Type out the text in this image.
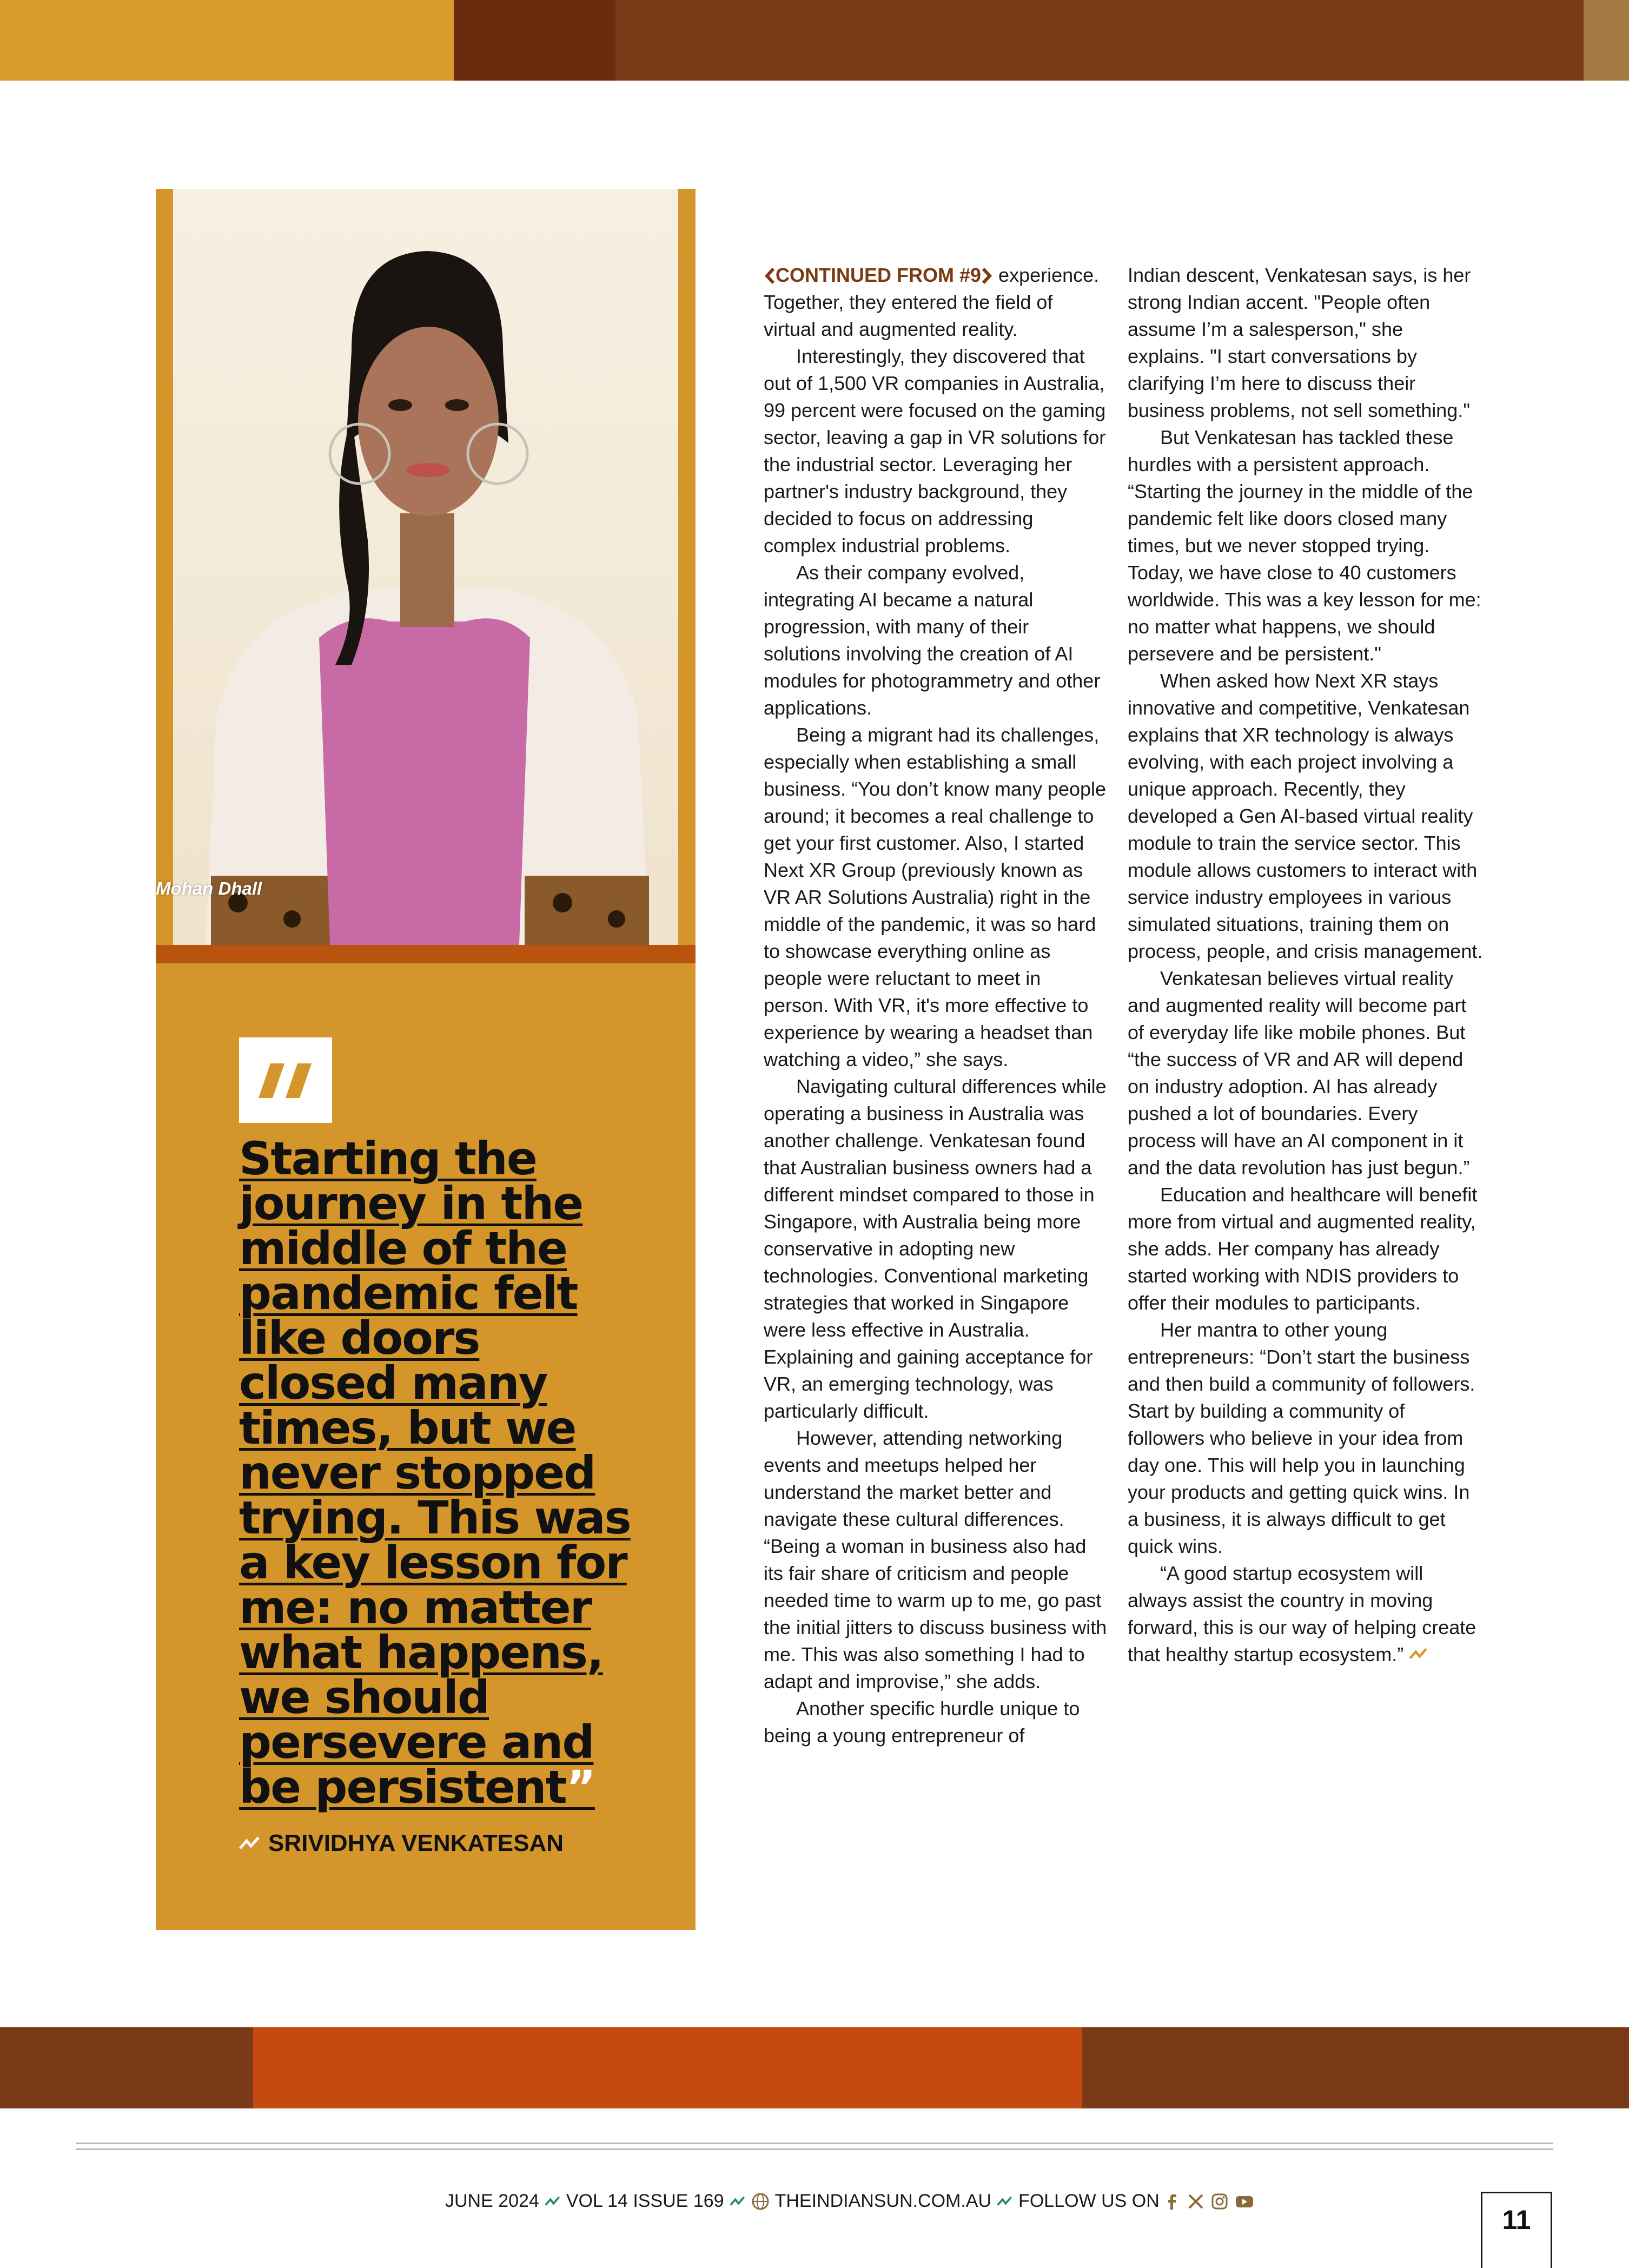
Mohan Dhall

Starting the journey in the middle of the pandemic felt like doors closed many times, but we never stopped trying. This was a key lesson for me: no matter what happens, we should persevere and be persistent”

SRIVIDHYA VENKATESAN

CONTINUED FROM #9 experience. Together, they entered the field of virtual and augmented reality.

Interestingly, they discovered that out of 1,500 VR companies in Australia, 99 percent were focused on the gaming sector, leaving a gap in VR solutions for the industrial sector. Leveraging her partner's industry background, they decided to focus on addressing complex industrial problems.

As their company evolved, integrating AI became a natural progression, with many of their solutions involving the creation of AI modules for photogrammetry and other applications.

Being a migrant had its challenges, especially when establishing a small business. “You don’t know many people around; it becomes a real challenge to get your first customer. Also, I started Next XR Group (previously known as VR AR Solutions Australia) right in the middle of the pandemic, it was so hard to showcase everything online as people were reluctant to meet in person. With VR, it's more effective to experience by wearing a headset than watching a video,” she says.

Navigating cultural differences while operating a business in Australia was another challenge. Venkatesan found that Australian business owners had a different mindset compared to those in Singapore, with Australia being more conservative in adopting new technologies. Conventional marketing strategies that worked in Singapore were less effective in Australia. Explaining and gaining acceptance for VR, an emerging technology, was particularly difficult.

However, attending networking events and meetups helped her understand the market better and navigate these cultural differences. “Being a woman in business also had its fair share of criticism and people needed time to warm up to me, go past the initial jitters to discuss business with me. This was also something I had to adapt and improvise,” she adds.

Another specific hurdle unique to being a young entrepreneur of

Indian descent, Venkatesan says, is her strong Indian accent. "People often assume I’m a salesperson," she explains. "I start conversations by clarifying I’m here to discuss their business problems, not sell something."

But Venkatesan has tackled these hurdles with a persistent approach. “Starting the journey in the middle of the pandemic felt like doors closed many times, but we never stopped trying. Today, we have close to 40 customers worldwide. This was a key lesson for me: no matter what happens, we should persevere and be persistent."

When asked how Next XR stays innovative and competitive, Venkatesan explains that XR technology is always evolving, with each project involving a unique approach. Recently, they developed a Gen AI-based virtual reality module to train the service sector. This module allows customers to interact with service industry employees in various simulated situations, training them on process, people, and crisis management.

Venkatesan believes virtual reality and augmented reality will become part of everyday life like mobile phones. But “the success of VR and AR will depend on industry adoption. AI has already pushed a lot of boundaries. Every process will have an AI component in it and the data revolution has just begun.”

Education and healthcare will benefit more from virtual and augmented reality, she adds. Her company has already started working with NDIS providers to offer their modules to participants.

Her mantra to other young entrepreneurs: “Don’t start the business and then build a community of followers. Start by building a community of followers who believe in your idea from day one. This will help you in launching your products and getting quick wins. In a business, it is always difficult to get quick wins.

“A good startup ecosystem will always assist the country in moving forward, this is our way of helping create that healthy startup ecosystem.”

JUNE 2024 VOL 14 ISSUE 169	THEINDIANSUN.COM.AU FOLLOW US ON
11
